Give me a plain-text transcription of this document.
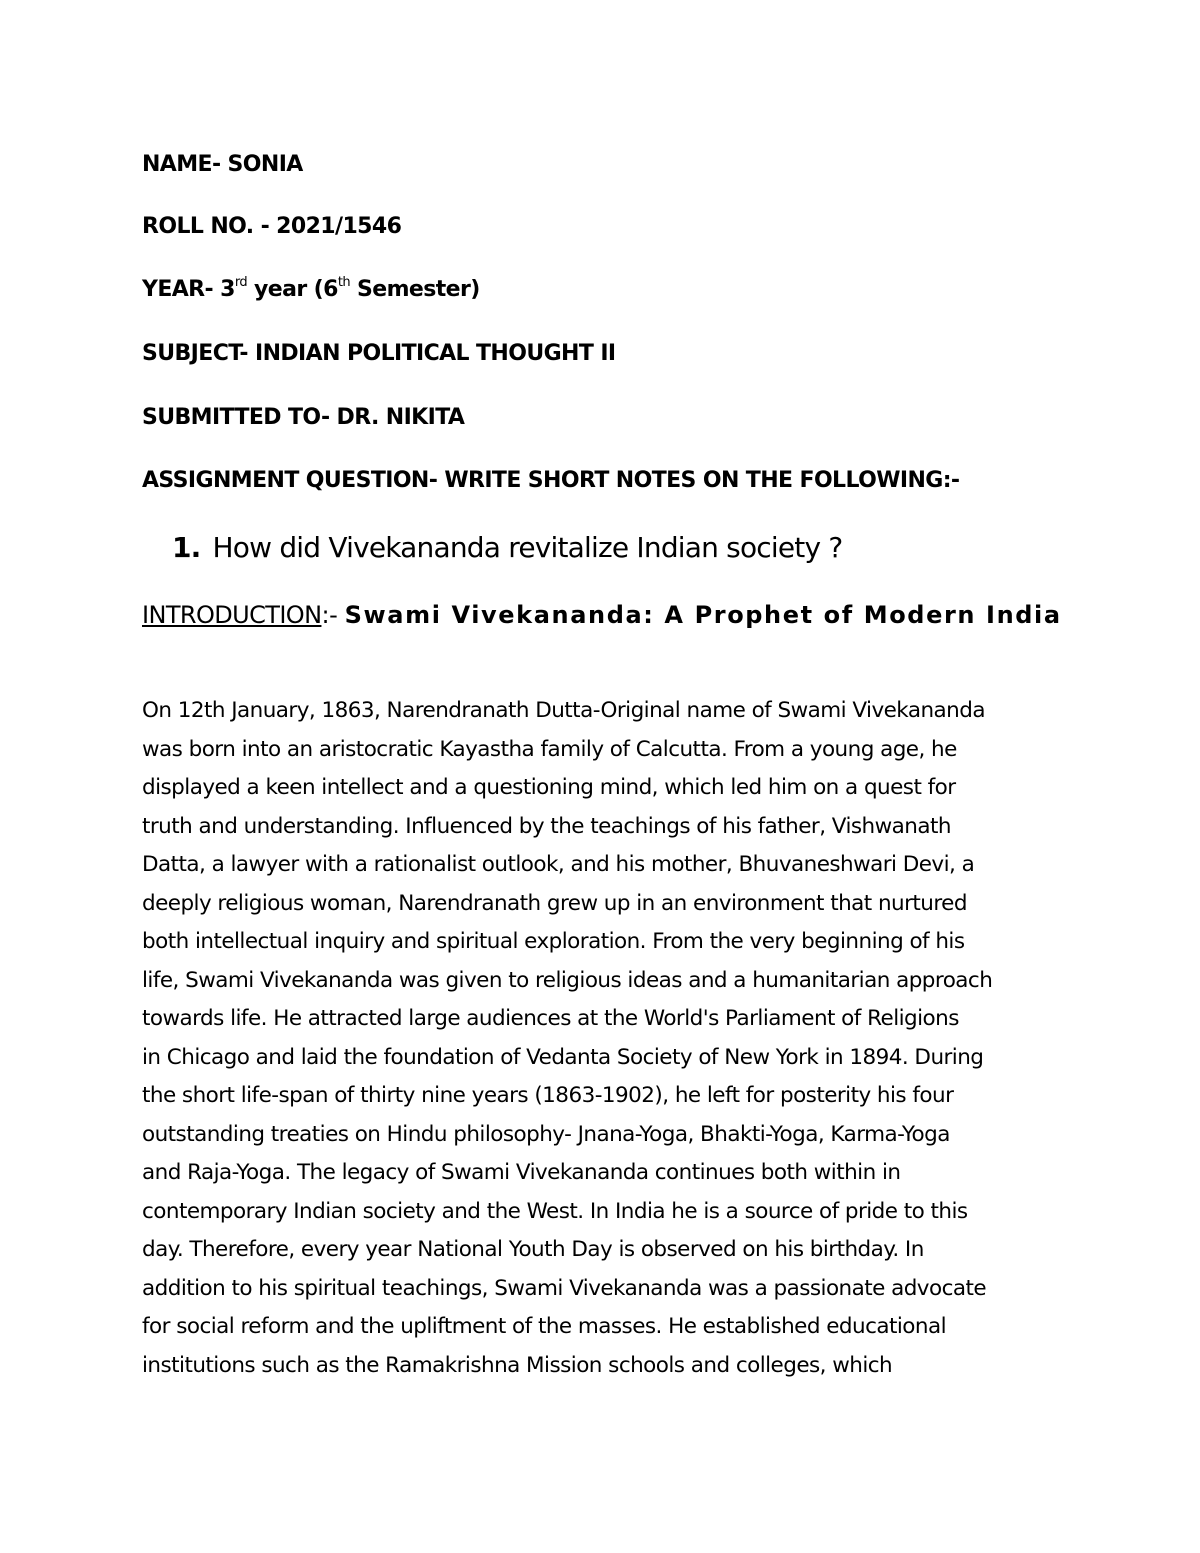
NAME- SONIA
ROLL NO. - 2021/1546
YEAR- 3rd year (6th Semester)
SUBJECT- INDIAN POLITICAL THOUGHT II
SUBMITTED TO- DR. NIKITA
ASSIGNMENT QUESTION- WRITE SHORT NOTES ON THE FOLLOWING:-
1. How did Vivekananda revitalize Indian society ?
INTRODUCTION:- Swami Vivekananda: A Prophet of Modern India
On 12th January, 1863, Narendranath Dutta-Original name of Swami Vivekananda
was born into an aristocratic Kayastha family of Calcutta. From a young age, he
displayed a keen intellect and a questioning mind, which led him on a quest for
truth and understanding. Influenced by the teachings of his father, Vishwanath
Datta, a lawyer with a rationalist outlook, and his mother, Bhuvaneshwari Devi, a
deeply religious woman, Narendranath grew up in an environment that nurtured
both intellectual inquiry and spiritual exploration. From the very beginning of his
life, Swami Vivekananda was given to religious ideas and a humanitarian approach
towards life. He attracted large audiences at the World's Parliament of Religions
in Chicago and laid the foundation of Vedanta Society of New York in 1894. During
the short life-span of thirty nine years (1863-1902), he left for posterity his four
outstanding treaties on Hindu philosophy- Jnana-Yoga, Bhakti-Yoga, Karma-Yoga
and Raja-Yoga. The legacy of Swami Vivekananda continues both within in
contemporary Indian society and the West. In India he is a source of pride to this
day. Therefore, every year National Youth Day is observed on his birthday. In
addition to his spiritual teachings, Swami Vivekananda was a passionate advocate
for social reform and the upliftment of the masses. He established educational
institutions such as the Ramakrishna Mission schools and colleges, which
